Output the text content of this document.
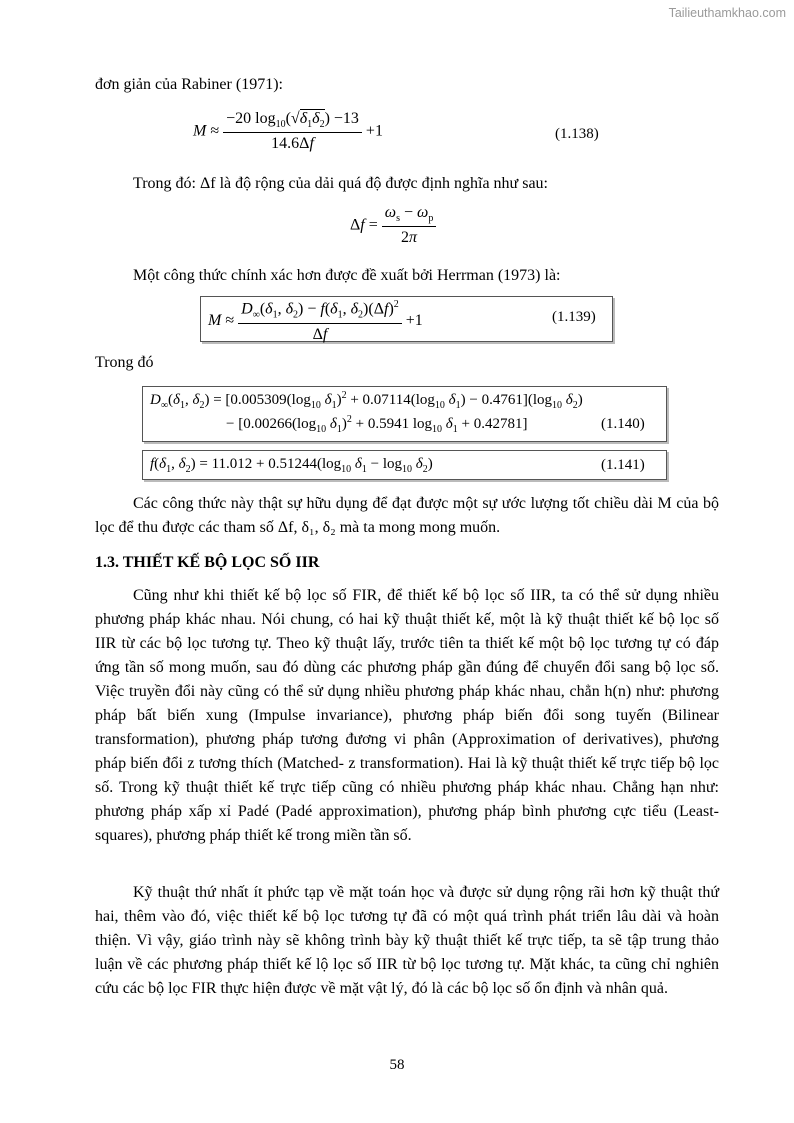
Tailieuthamkhao.com
đơn giản của Rabiner (1971):
$M \approx \frac{-20 \log_{10}(√\delta_1\delta_2) -13}{14.6\Delta f} +1$	(1.138)
Trong đó: Δf là độ rộng của dải quá độ được định nghĩa như sau:
$\Delta f = \frac{\omega_s - \omega_p}{2\pi}$
Một công thức chính xác hơn được đề xuất bởi Herrman (1973) là:
$M \approx \frac{D_\infty(\delta_1, \delta_2) - f(\delta_1, \delta_2)(\Delta f)^2}{\Delta f} +1$	(1.139)
Trong đó
$D_\infty(\delta_1$, $\delta_2) = [0.005309(\log_{10}$ $\delta_1)^2 + 0.07114(\log_{10}$ $\delta_1) - 0.4761](\log_{10}$ $\delta_2$)
− [$0.00266(\log_{10}$ $\delta_1)^2 + 0.5941$ $\log_{10} \delta_1 + 0.42781$]	(1.140)
$f(\delta_1$, $\delta_2) = 11.012 + 0.51244(\log_{10}$ $\delta_1 - \log_{10} \delta_2$)	(1.141)
Các công thức này thật sự hữu dụng để đạt được một sự ước lượng tốt chiều dài M của bộ lọc để thu được các tham số Δf, δ₁, δ₂ mà ta mong mong muốn.
1.3. THIẾT KẾ BỘ LỌC SỐ IIR
Cũng như khi thiết kế bộ lọc số FIR, để thiết kế bộ lọc số IIR, ta có thể sử dụng nhiều phương pháp khác nhau. Nói chung, có hai kỹ thuật thiết kế, một là kỹ thuật thiết kế bộ lọc số IIR từ các bộ lọc tương tự. Theo kỹ thuật lấy, trước tiên ta thiết kế một bộ lọc tương tự có đáp ứng tần số mong muốn, sau đó dùng các phương pháp gần đúng để chuyển đổi sang bộ lọc số. Việc truyền đổi này cũng có thể sử dụng nhiều phương pháp khác nhau, chẳn h(n) như: phương pháp bất biến xung (Impulse invariance), phương pháp biến đổi song tuyến (Bilinear transformation), phương pháp tương đương vi phân (Approximation of derivatives), phương pháp biến đổi z tương thích (Matched- z transformation). Hai là kỹ thuật thiết kế trực tiếp bộ lọc số. Trong kỹ thuật thiết kế trực tiếp cũng có nhiều phương pháp khác nhau. Chẳng hạn như: phương pháp xấp xỉ Padé (Padé approximation), phương pháp bình phương cực tiểu (Least-squares), phương pháp thiết kế trong miền tần số.
Kỹ thuật thứ nhất ít phức tạp về mặt toán học và được sử dụng rộng rãi hơn kỹ thuật thứ hai, thêm vào đó, việc thiết kế bộ lọc tương tự đã có một quá trình phát triển lâu dài và hoàn thiện. Vì vậy, giáo trình này sẽ không trình bày kỹ thuật thiết kế trực tiếp, ta sẽ tập trung thảo luận về các phương pháp thiết kế lộ lọc số IIR từ bộ lọc tương tự. Mặt khác, ta cũng chỉ nghiên cứu các bộ lọc FIR thực hiện được về mặt vật lý, đó là các bộ lọc số ổn định và nhân quả.
58
